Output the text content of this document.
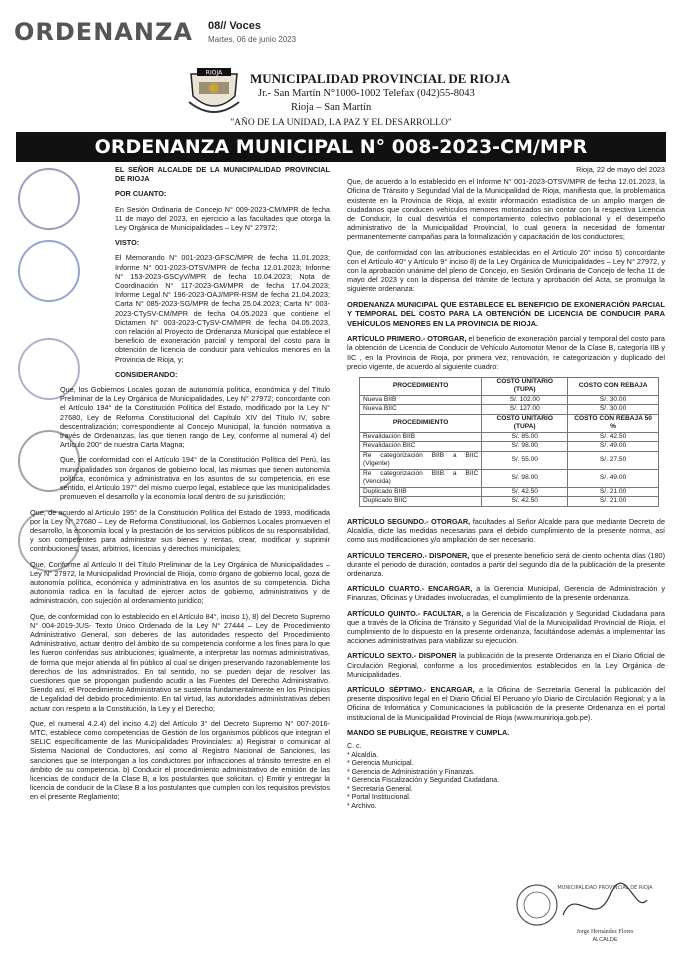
ORDENANZA 08// Voces
Martes, 06 de junio 2023
RIOJA MUNICIPALIDAD PROVINCIAL DE RIOJA
Jr.- San Martín N°1000-1002 Telefax (042)55-8043
Rioja – San Martín
"AÑO DE LA UNIDAD, LA PAZ Y EL DESARROLLO"
ORDENANZA MUNICIPAL N° 008-2023-CM/MPR

EL SEÑOR ALCALDE DE LA MUNICIPALIDAD PROVINCIAL DE RIOJA

POR CUANTO:

En Sesión Ordinaria de Concejo N° 009-2023-CM/MPR de fecha 11 de mayo del 2023, en ejercicio a las facultades que otorga la Ley Orgánica de Municipalidades – Ley N° 27972;

VISTO:

El Memorando N° 001-2023-GFSC/MPR de fecha 11.01.2023; Informe N° 001-2023-OTSV/MPR de fecha 12.01.2023; Informe N° 153-2023-GSCyV/MPR de fecha 10.04.2023; Nota de Coordinación N° 117-2023-GM/MPR de fecha 17.04.2023; Informe Legal N° 196-2023-OAJ/MPR-RSM de fecha 21.04.2023; Carta N° 085-2023-SG/MPR de fecha 25.04.2023; Carta N° 003-2023-CTySV-CM/MPR de fecha 04.05.2023 que contiene el Dictamen N° 003-2023-CTySV-CM/MPR de fecha 04.05.2023, con relación al Proyecto de Ordenanza Municipal que establece el beneficio de exoneración parcial y temporal del costo para la obtención de licencia de conducir para vehículos menores en la Provincia de Rioja, y;

CONSIDERANDO:

Que, los Gobiernos Locales gozan de autonomía política, económica y del Título Preliminar de la Ley Orgánica de Municipalidades, Ley N° 27972; concordante con el Artículo 194° de la Constitución Política del Estado, modificado por la Ley N° 27680, Ley de Reforma Constitucional del Capítulo XIV del Título IV, sobre descentralización; correspondiente al Concejo Municipal, la función normativa a través de Ordenanzas, las que tienen rango de Ley, conforme al numeral 4) del Artículo 200° de nuestra Carta Magna;

Que, de conformidad con el Artículo 194° de la Constitución Política del Perú, las municipalidades son órganos de gobierno local, las mismas que tienen autonomía política, económica y administrativa en los asuntos de su competencia, en ese sentido, el Artículo 197° del mismo cuerpo legal, establece que las municipalidades promueven el desarrollo y la economía local dentro de su jurisdicción;

Que, de acuerdo al Artículo 195° de la Constitución Política del Estado de 1993, modificada por la Ley N° 27680 – Ley de Reforma Constitucional, los Gobiernos Locales promueven el desarrollo, la economía local y la prestación de los servicios públicos de su responsabilidad, y son competentes para administrar sus bienes y rentas, crear, modificar y suprimir contribuciones, tasas, arbitrios, licencias y derechos municipales;

Que, Conforme al Artículo II del Título Preliminar de la Ley Orgánica de Municipalidades – Ley N° 27972, la Municipalidad Provincial de Rioja, como órgano de gobierno local, goza de autonomía política, económica y administrativa en los asuntos de su competencia. Dicha autonomía radica en la facultad de ejercer actos de gobierno, administrativos y de administración, con sujeción al ordenamiento jurídico;

Que, de conformidad con lo establecido en el Artículo 84°, inciso 1), 8) del Decreto Supremo N° 004-2019-JUS- Texto Único Ordenado de la Ley N° 27444 – Ley de Procedimiento Administrativo General, son deberes de las autoridades respecto del Procedimiento Administrativo, actuar dentro del ámbito de su competencia conforme a los fines para lo que les fueron conferidas sus atribuciones; igualmente, a interpretar las normas administrativas, de forma que mejor atienda al fin público al cual se dirigen preservando razonablemente los derechos de los administrados. En tal sentido, no se pueden dejar de resolver las cuestiones que se propongan pudiendo acudir a las Fuentes del Derecho Administrativo. Siendo así, el Procedimiento Administrativo se sustenta fundamentalmente en los Principios de Legalidad del debido procedimiento. En tal virtud, las autoridades administrativas deben actuar con respeto a la Constitución, la Ley y el Derecho;

Que, el numeral 4.2.4) del inciso 4.2) del Artículo 3° del Decreto Supremo N° 007-2016-MTC, establece como competencias de Gestión de los organismos públicos que integran el SELIC específicamente de las Municipalidades Provinciales: a) Registrar o comunicar al Sistema Nacional de Conductores, así como al Registro Nacional de Sanciones, las sanciones que se interpongan a los conductores por infracciones al tránsito terrestre en el ámbito de su competencia. b) Conducir el procedimiento administrativo de emisión de las licencias de conducir de la Clase B, a los postulantes que solicitan. c) Emitir y entregar la licencia de conducir de la Clase B a los postulantes que cumplen con los requisitos previstos en el presente Reglamento;

Rioja, 22 de mayo del 2023

Que, de acuerdo a lo establecido en el Informe N° 001-2023-OTSV/MPR de fecha 12.01.2023, la Oficina de Tránsito y Seguridad Vial de la Municipalidad de Rioja, manifiesta que, la problemática existente en la Provincia de Rioja, al existir información estadística de un amplio margen de ciudadanos que conducen vehículos menores motorizados sin contar con la respectiva Licencia de Conducir, lo cual desvirtúa el comportamiento colectivo poblacional y el desempeño administrativo de la Municipalidad Provincial, lo cual genera la necesidad de fomentar permanentemente campañas para la formalización y capacitación de los conductores;

Que, de conformidad con las atribuciones establecidas en el Artículo 20° inciso 5) concordante con el Artículo 40° y Artículo 9° inciso 8) de la Ley Orgánica de Municipalidades – Ley N° 27972, y con la aprobación unánime del pleno de Concejo, en Sesión Ordinaria de Concejo de fecha 11 de mayo del 2023 y con la dispensa del trámite de lectura y aprobación del Acta, se promulga la siguiente ordenanza:

ORDENANZA MUNICIPAL QUE ESTABLECE EL BENEFICIO DE EXONERACIÓN PARCIAL Y TEMPORAL DEL COSTO PARA LA OBTENCIÓN DE LICENCIA DE CONDUCIR PARA VEHÍCULOS MENORES EN LA PROVINCIA DE RIOJA.

ARTÍCULO PRIMERO.- OTORGAR, el beneficio de exoneración parcial y temporal del costo para la obtención de Licencia de Conducir de Vehículo Automotor Menor de la Clase B, categoría IIB y IIC , en la Provincia de Rioja, por primera vez, renovación, re categorización y duplicado del precio vigente, de acuerdo al siguiente cuadro:

PROCEDIMIENTO	COSTO UNITARIO (TUPA)	COSTO CON REBAJA
Nueva BIIB	S/. 102.00	S/. 30.00
Nueva BIIC	S/. 127.00	S/. 30.00
PROCEDIMIENTO	COSTO UNITARIO (TUPA)	COSTO CON REBAJA 50 %
Revalidación BIIB	S/. 85.00	S/. 42.50
Revalidación BIIC	S/. 98.00	S/. 49.00
Re categorización BIIB a BIIC (Vigente)	S/. 55.00	S/. 27.50
Re categorización BIIB a BIIC (Vencida)	S/. 98.00	S/. 49.00
Duplicado BIIB	S/. 42.50	S/. 21.00
Duplicado BIIC	S/. 42.50	S/. 21.00

ARTÍCULO SEGUNDO.- OTORGAR, facultades al Señor Alcalde para que mediante Decreto de Alcaldía, dicte las medidas necesarias para el debido cumplimiento de la presente norma, así como sus modificaciones y/o ampliación de ser necesario.

ARTÍCULO TERCERO.- DISPONER, que el presente beneficio será de ciento ochenta días (180) durante el periodo de duración, contados a partir del segundo día de la publicación de la presente ordenanza.

ARTÍCULO CUARTO.- ENCARGAR, a la Gerencia Municipal, Gerencia de Administración y Finanzas, Oficinas y Unidades involucradas, el cumplimiento de la presente ordenanza.

ARTÍCULO QUINTO.- FACULTAR, a la Gerencia de Fiscalización y Seguridad Ciudadana para que a través de la Oficina de Tránsito y Seguridad Vial de la Municipalidad Provincial de Rioja, el cumplimiento de lo dispuesto en la presente ordenanza, facultándose además a implementar las acciones administrativas para viabilizar su ejecución.

ARTÍCULO SEXTO.- DISPONER la publicación de la presente Ordenanza en el Diario Oficial de Circulación Regional, conforme a los procedimientos establecidos en la Ley Orgánica de Municipalidades.

ARTÍCULO SÉPTIMO.- ENCARGAR, a la Oficina de Secretaría General la publicación del presente dispositivo legal en el Diario Oficial El Peruano y/o Diario de Circulación Regional; y a la Oficina de Informática y Comunicaciones la publicación de la presente Ordenanza en el portal institucional de la Municipalidad Provincial de Rioja (www.munirioja.gob.pe).

MANDO SE PUBLIQUE, REGISTRE Y CUMPLA.

C. c.
* Alcaldía.
* Gerencia Municipal.
* Gerencia de Administración y Finanzas.
* Gerencia Fiscalización y Seguridad Ciudadana.
* Secretaría General.
* Portal Institucional.
* Archivo.
MUNICIPALIDAD PROVINCIAL DE RIOJA
Jorge Hernández Flores
ALCALDE
